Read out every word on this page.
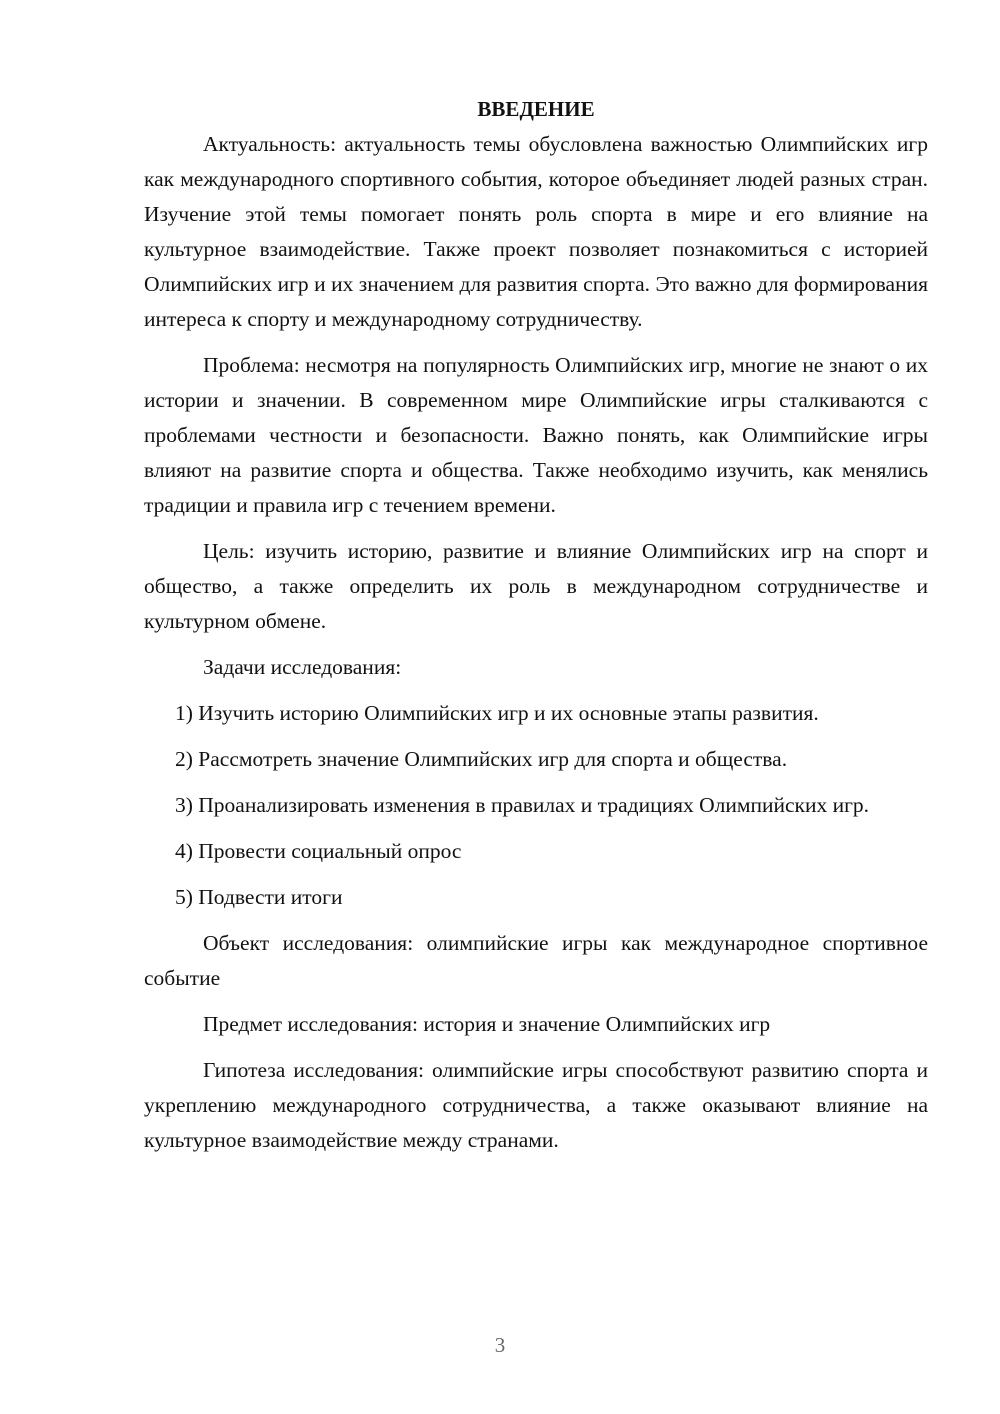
ВВЕДЕНИЕ

Актуальность: актуальность темы обусловлена важностью Олимпийских игр как международного спортивного события, которое объединяет людей разных стран. Изучение этой темы помогает понять роль спорта в мире и его влияние на культурное взаимодействие. Также проект позволяет познакомиться с историей Олимпийских игр и их значением для развития спорта. Это важно для формирования интереса к спорту и международному сотрудничеству.

Проблема: несмотря на популярность Олимпийских игр, многие не знают о их истории и значении. В современном мире Олимпийские игры сталкиваются с проблемами честности и безопасности. Важно понять, как Олимпийские игры влияют на развитие спорта и общества. Также необходимо изучить, как менялись традиции и правила игр с течением времени.

Цель: изучить историю, развитие и влияние Олимпийских игр на спорт и общество, а также определить их роль в международном сотрудничестве и культурном обмене.

Задачи исследования:

1) Изучить историю Олимпийских игр и их основные этапы развития.

2) Рассмотреть значение Олимпийских игр для спорта и общества.

3) Проанализировать изменения в правилах и традициях Олимпийских игр.

4) Провести социальный опрос

5) Подвести итоги

Объект исследования: олимпийские игры как международное спортивное событие

Предмет исследования: история и значение Олимпийских игр

Гипотеза исследования: олимпийские игры способствуют развитию спорта и укреплению международного сотрудничества, а также оказывают влияние на культурное взаимодействие между странами.

3
